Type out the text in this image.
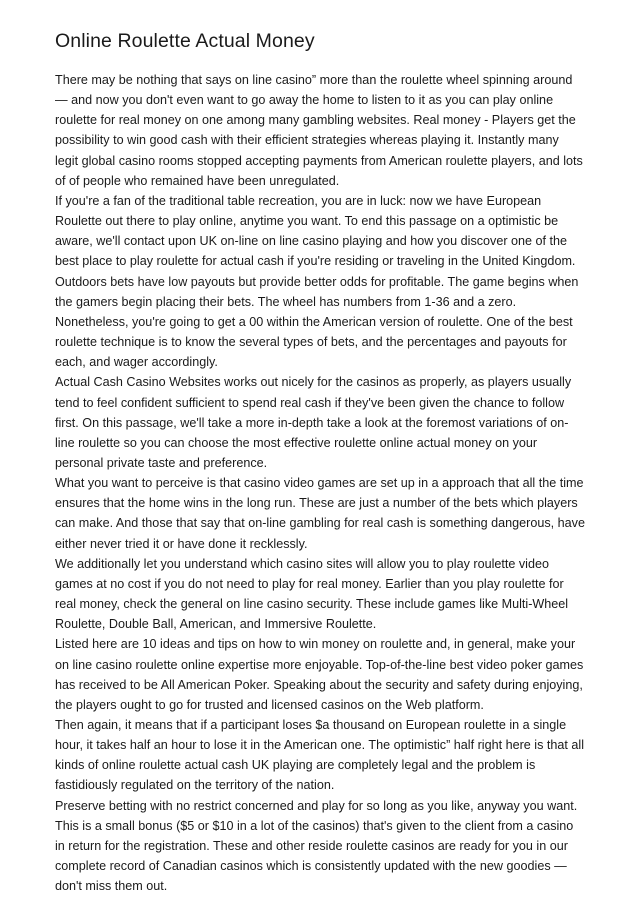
Online Roulette Actual Money

There may be nothing that says on line casino” more than the roulette wheel spinning around — and now you don't even want to go away the home to listen to it as you can play online roulette for real money on one among many gambling websites. Real money - Players get the possibility to win good cash with their efficient strategies whereas playing it. Instantly many legit global casino rooms stopped accepting payments from American roulette players, and lots of of people who remained have been unregulated.

If you're a fan of the traditional table recreation, you are in luck: now we have European Roulette out there to play online, anytime you want. To end this passage on a optimistic be aware, we'll contact upon UK on-line on line casino playing and how you discover one of the best place to play roulette for actual cash if you're residing or traveling in the United Kingdom.

Outdoors bets have low payouts but provide better odds for profitable. The game begins when the gamers begin placing their bets. The wheel has numbers from 1-36 and a zero. Nonetheless, you're going to get a 00 within the American version of roulette. One of the best roulette technique is to know the several types of bets, and the percentages and payouts for each, and wager accordingly.

Actual Cash Casino Websites works out nicely for the casinos as properly, as players usually tend to feel confident sufficient to spend real cash if they've been given the chance to follow first. On this passage, we'll take a more in-depth take a look at the foremost variations of on-line roulette so you can choose the most effective roulette online actual money on your personal private taste and preference.

What you want to perceive is that casino video games are set up in a approach that all the time ensures that the home wins in the long run. These are just a number of the bets which players can make. And those that say that on-line gambling for real cash is something dangerous, have either never tried it or have done it recklessly.

We additionally let you understand which casino sites will allow you to play roulette video games at no cost if you do not need to play for real money. Earlier than you play roulette for real money, check the general on line casino security. These include games like Multi-Wheel Roulette, Double Ball, American, and Immersive Roulette.

Listed here are 10 ideas and tips on how to win money on roulette and, in general, make your on line casino roulette online expertise more enjoyable. Top-of-the-line best video poker games has received to be All American Poker. Speaking about the security and safety during enjoying, the players ought to go for trusted and licensed casinos on the Web platform.

Then again, it means that if a participant loses $a thousand on European roulette in a single hour, it takes half an hour to lose it in the American one. The optimistic” half right here is that all kinds of online roulette actual cash UK playing are completely legal and the problem is fastidiously regulated on the territory of the nation.

Preserve betting with no restrict concerned and play for so long as you like, anyway you want. This is a small bonus ($5 or $10 in a lot of the casinos) that's given to the client from a casino in return for the registration. These and other reside roulette casinos are ready for you in our complete record of Canadian casinos which is consistently updated with the new goodies — don't miss them out.
